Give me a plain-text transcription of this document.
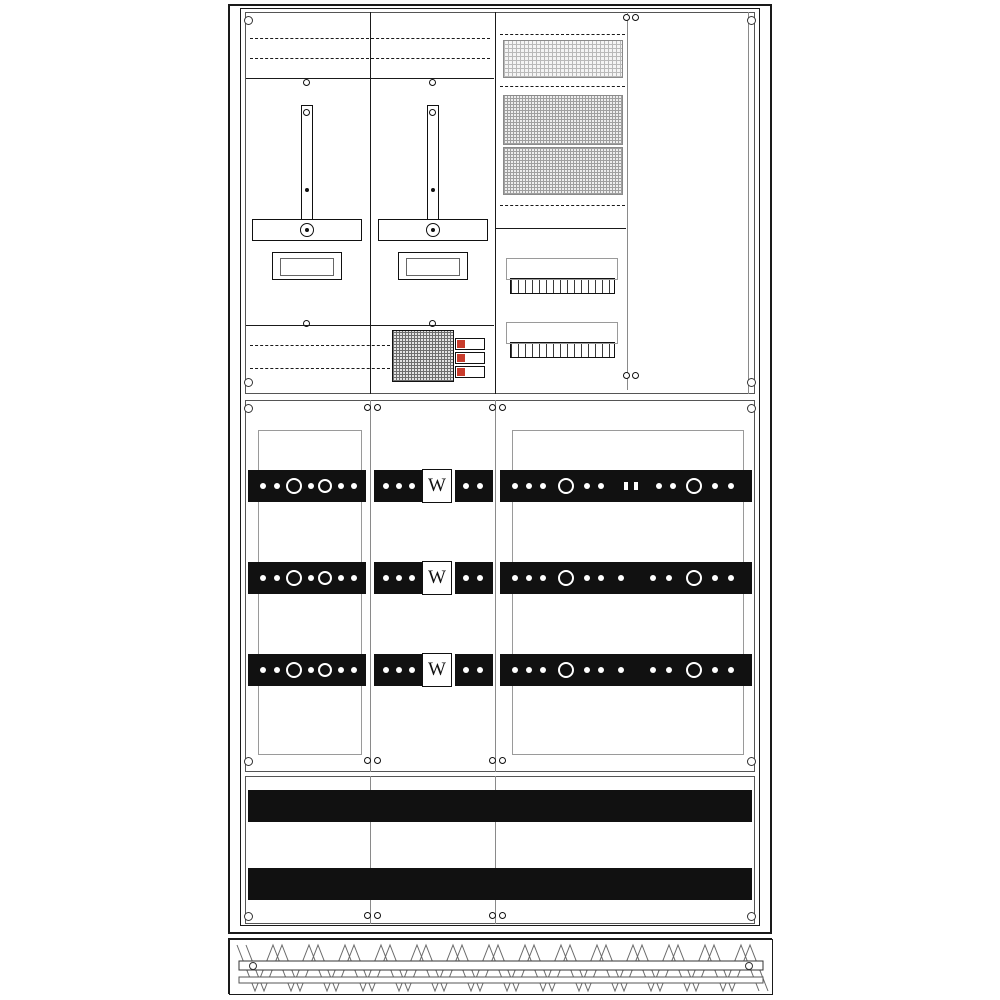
W
W
W
